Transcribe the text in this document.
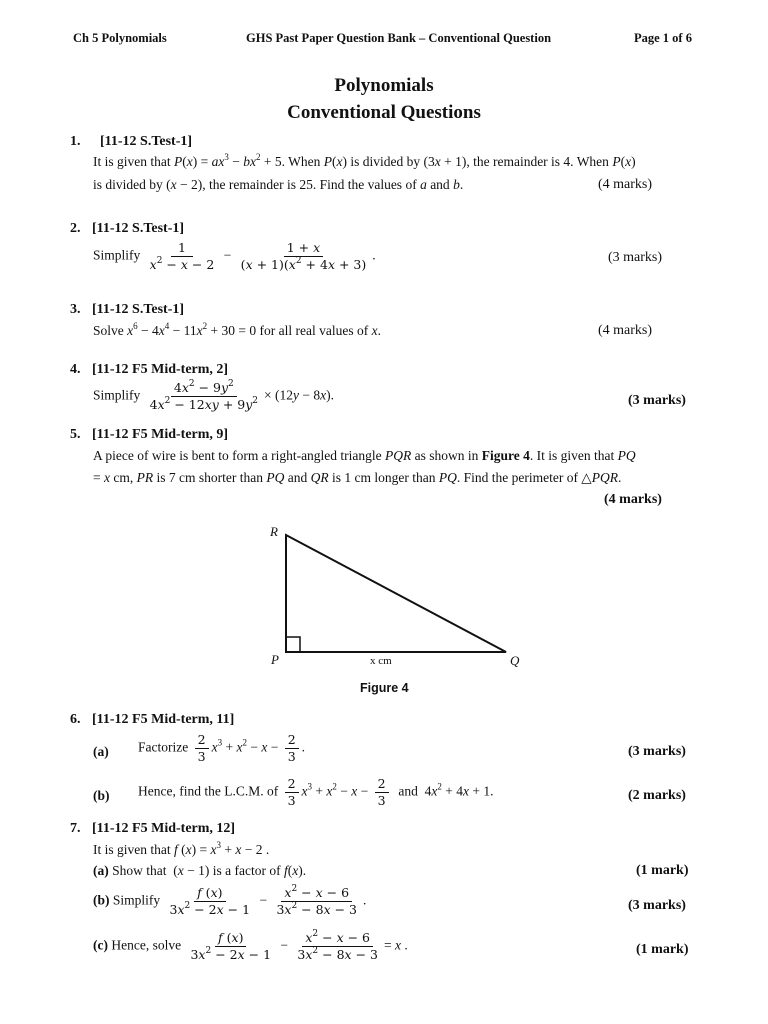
Ch 5 Polynomials	GHS Past Paper Question Bank – Conventional Question	Page 1 of 6
Polynomials
Conventional Questions
1. [11-12 S.Test-1]
It is given that $P(x) = ax^3 - bx^2 + 5$. When P(x) is divided by (3x + 1), the remainder is 4. When P(x)
is divided by (x − 2), the remainder is 25. Find the values of a and b.	(4 marks)
2. [11-12 S.Test-1]
Simplify $\frac{1}{x^2 - x - 2} - \frac{1 + x}{(x + 1)(x^2 + 4x + 3)}$ .	(3 marks)
3. [11-12 S.Test-1]
Solve $x^6 - 4x^4 - 11x^2 + 30 = 0$ for all real values of x.	(4 marks)
4. [11-12 F5 Mid-term, 2]
Simplify $\frac{4x^2 - 9y^2}{4x^2 - 12xy + 9y^2} \times (12y - 8x)$.	(3 marks)
5. [11-12 F5 Mid-term, 9]
A piece of wire is bent to form a right-angled triangle PQR as shown in Figure 4. It is given that PQ
= x cm, PR is 7 cm shorter than PQ and QR is 1 cm longer than PQ. Find the perimeter of △PQR.
(4 marks)
R
P	Q
x cm
Figure 4
6. [11-12 F5 Mid-term, 11]
(a) Factorize $\frac{2}{3} x^3 + x^2 - x - \frac{2}{3}$ .	(3 marks)
(b) Hence, find the L.C.M. of $\frac{2}{3} x^3 + x^2 - x - \frac{2}{3}$ and  $4x^2 + 4x + 1$.	(2 marks)
7. [11-12 F5 Mid-term, 12]
It is given that f $(x) = x^3 + x - 2$ .
(a) Show that  (x − 1) is a factor of f(x).	(1 mark)
(b) Simplify $\frac{f (x)}{3x^2 - 2x - 1} - \frac{x^2 - x - 6}{3x^2 - 8x - 3}$ .	(3 marks)
(c) Hence, solve $\frac{f (x)}{3x^2 - 2x - 1} - \frac{x^2 - x - 6}{3x^2 - 8x - 3} = x$ .	(1 mark)
